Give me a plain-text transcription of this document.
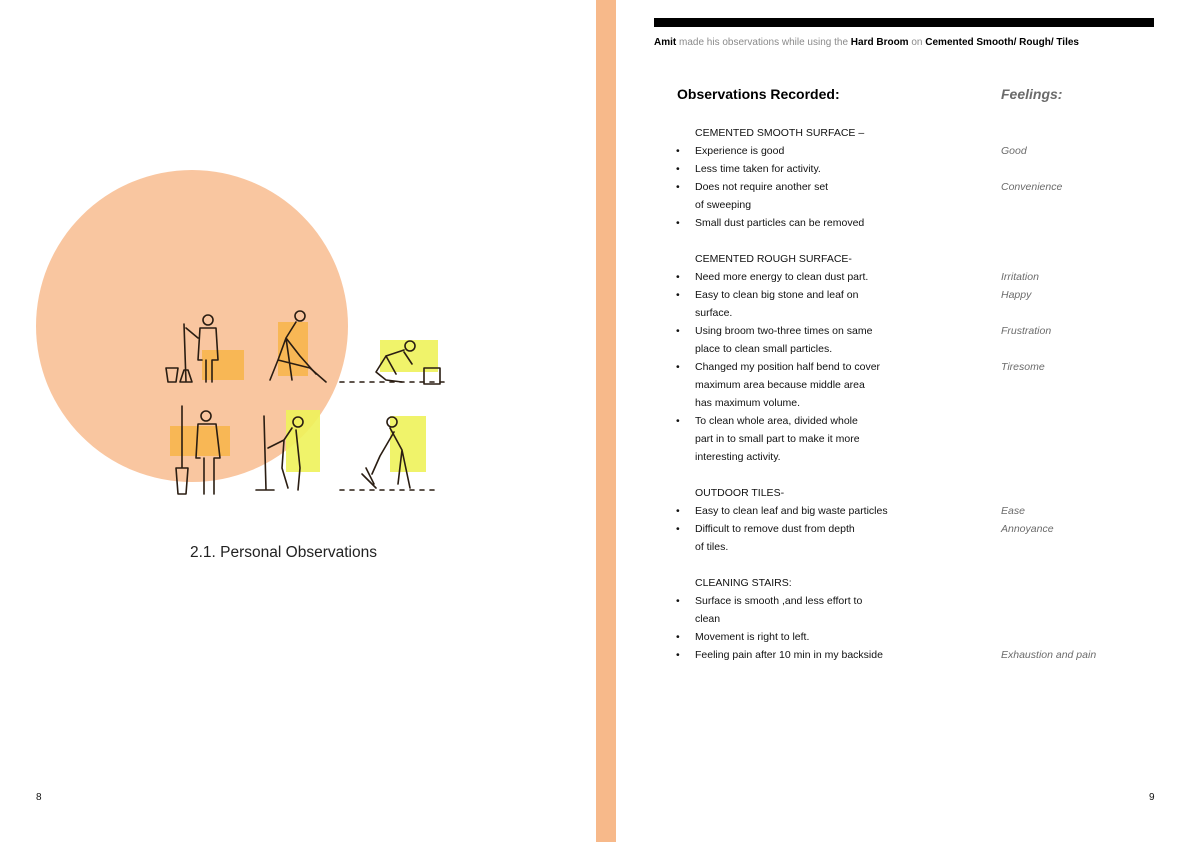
2.1. Personal Observations
8
Amit made his observations while using the Hard Broom on Cemented Smooth/ Rough/ Tiles
Observations Recorded:	Feelings:
CEMENTED SMOOTH SURFACE –
• Experience is good	Good
• Less time taken for activity.
• Does not require another set	Convenience
of sweeping
• Small dust particles can be removed
CEMENTED ROUGH SURFACE-
• Need more energy to clean dust part.	Irritation
• Easy to clean big stone and leaf on	Happy
surface.
• Using broom two-three times on same	Frustration
place to clean small particles.
• Changed my position half bend to cover	Tiresome
maximum area because middle area
has maximum volume.
• To clean whole area, divided whole
part in to small part to make it more
interesting activity.
OUTDOOR TILES-
• Easy to clean leaf and big waste particles	Ease
• Difficult to remove dust from depth	Annoyance
of tiles.
CLEANING STAIRS:
• Surface is smooth ,and less effort to
clean
• Movement is right to left.
• Feeling pain after 10 min in my backside	Exhaustion and pain
9
